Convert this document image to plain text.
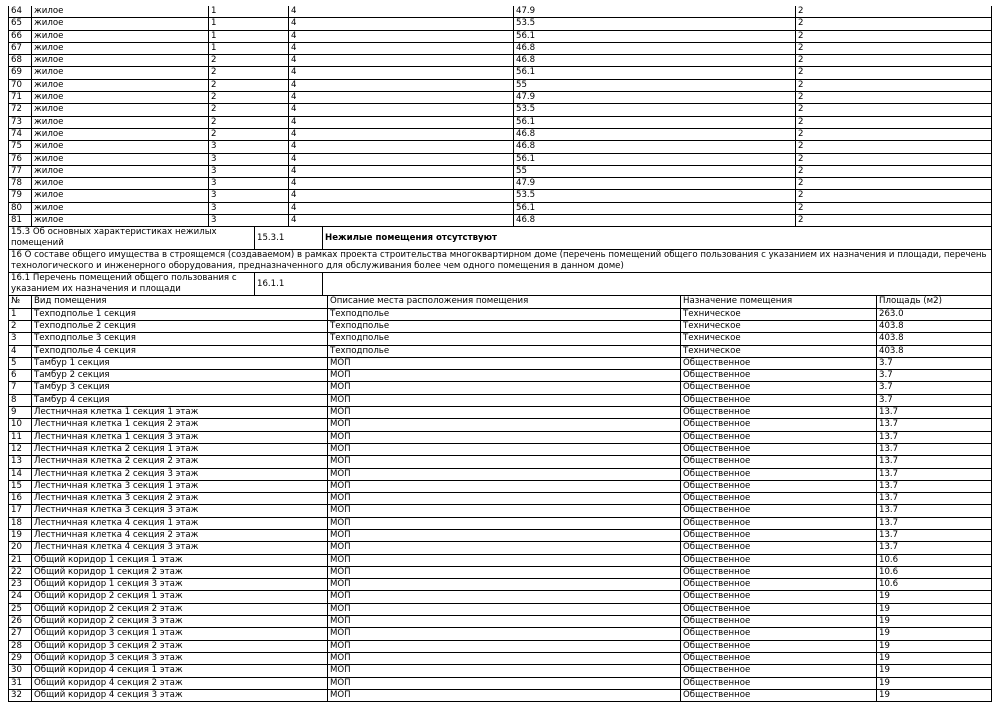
64	жилое	1	4	47.9	2
65	жилое	1	4	53.5	2
66	жилое	1	4	56.1	2
67	жилое	1	4	46.8	2
68	жилое	2	4	46.8	2
69	жилое	2	4	56.1	2
70	жилое	2	4	55	2
71	жилое	2	4	47.9	2
72	жилое	2	4	53.5	2
73	жилое	2	4	56.1	2
74	жилое	2	4	46.8	2
75	жилое	3	4	46.8	2
76	жилое	3	4	56.1	2
77	жилое	3	4	55	2
78	жилое	3	4	47.9	2
79	жилое	3	4	53.5	2
80	жилое	3	4	56.1	2
81	жилое	3	4	46.8	2
15.3 Об основных характеристиках нежилых помещений	15.3.1	Нежилые помещения отсутствуют
16 О составе общего имущества в строящемся (создаваемом) в рамках проекта строительства многоквартирном доме (перечень помещений общего пользования с указанием их назначения и площади, перечень технологического и инженерного оборудования, предназначенного для обслуживания более чем одного помещения в данном доме)		
16.1 Перечень помещений общего пользования с указанием их назначения и площади	16.1.1	
№	Вид помещения	Описание места расположения помещения	Назначение помещения	Площадь (м2)
1	Техподполье 1 секция	Техподполье	Техническое	263.0
2	Техподполье 2 секция	Техподполье	Техническое	403.8
3	Техподполье 3 секция	Техподполье	Техническое	403.8
4	Техподполье 4 секция	Техподполье	Техническое	403.8
5	Тамбур 1 секция	МОП	Общественное	3.7
6	Тамбур 2 секция	МОП	Общественное	3.7
7	Тамбур 3 секция	МОП	Общественное	3.7
8	Тамбур 4 секция	МОП	Общественное	3.7
9	Лестничная клетка 1 секция 1 этаж	МОП	Общественное	13.7
10	Лестничная клетка 1 секция 2 этаж	МОП	Общественное	13.7
11	Лестничная клетка 1 секция 3 этаж	МОП	Общественное	13.7
12	Лестничная клетка 2 секция 1 этаж	МОП	Общественное	13.7
13	Лестничная клетка 2 секция 2 этаж	МОП	Общественное	13.7
14	Лестничная клетка 2 секция 3 этаж	МОП	Общественное	13.7
15	Лестничная клетка 3 секция 1 этаж	МОП	Общественное	13.7
16	Лестничная клетка 3 секция 2 этаж	МОП	Общественное	13.7
17	Лестничная клетка 3 секция 3 этаж	МОП	Общественное	13.7
18	Лестничная клетка 4 секция 1 этаж	МОП	Общественное	13.7
19	Лестничная клетка 4 секция 2 этаж	МОП	Общественное	13.7
20	Лестничная клетка 4 секция 3 этаж	МОП	Общественное	13.7
21	Общий коридор 1 секция 1 этаж	МОП	Общественное	10.6
22	Общий коридор 1 секция 2 этаж	МОП	Общественное	10.6
23	Общий коридор 1 секция 3 этаж	МОП	Общественное	10.6
24	Общий коридор 2 секция 1 этаж	МОП	Общественное	19
25	Общий коридор 2 секция 2 этаж	МОП	Общественное	19
26	Общий коридор 2 секция 3 этаж	МОП	Общественное	19
27	Общий коридор 3 секция 1 этаж	МОП	Общественное	19
28	Общий коридор 3 секция 2 этаж	МОП	Общественное	19
29	Общий коридор 3 секция 3 этаж	МОП	Общественное	19
30	Общий коридор 4 секция 1 этаж	МОП	Общественное	19
31	Общий коридор 4 секция 2 этаж	МОП	Общественное	19
32	Общий коридор 4 секция 3 этаж	МОП	Общественное	19
